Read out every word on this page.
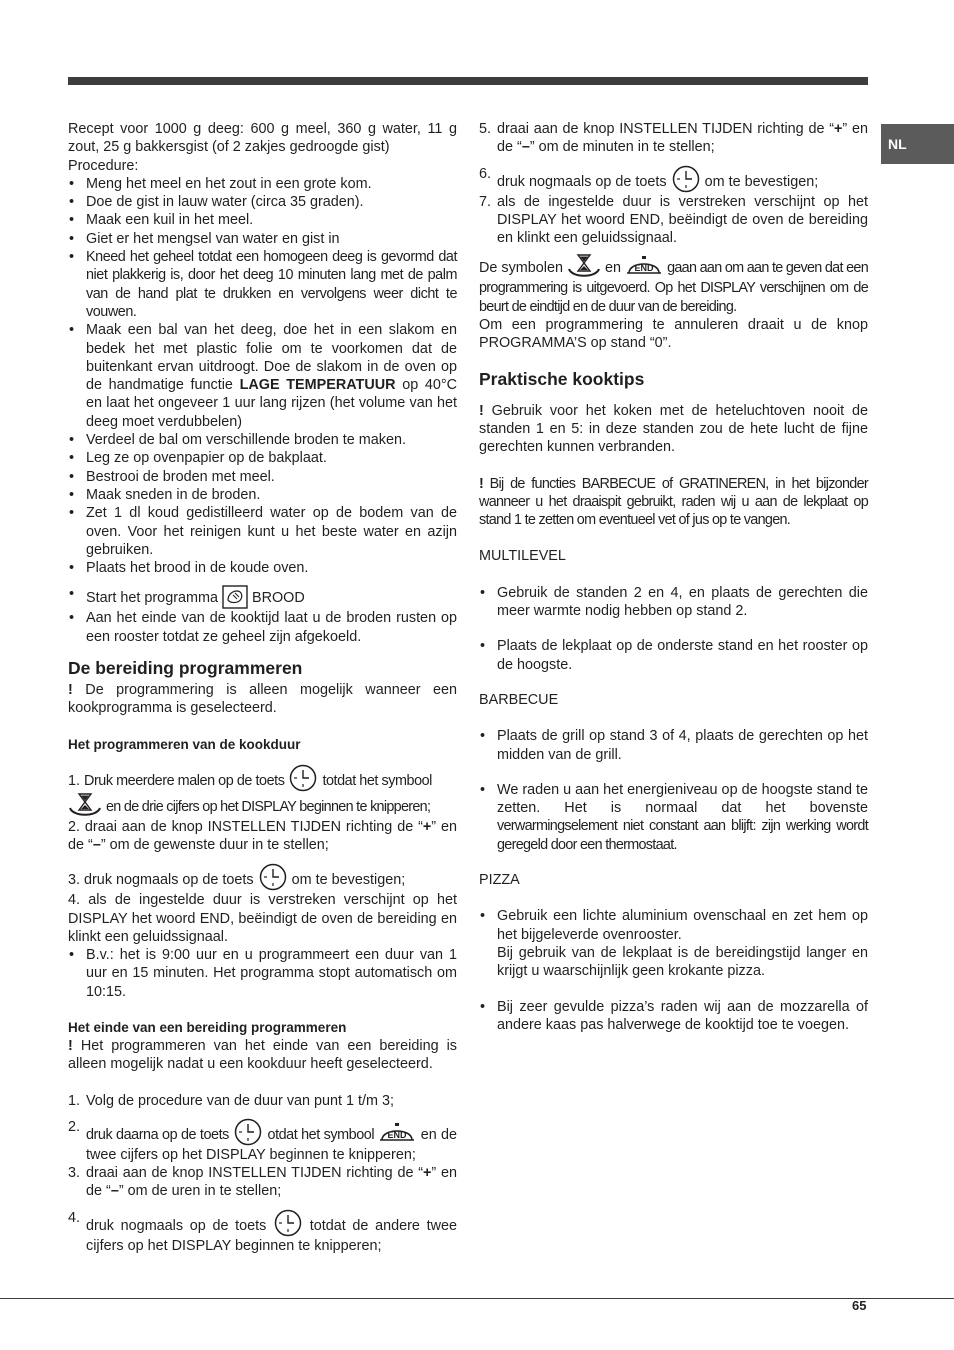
NL

Recept voor 1000 g deeg: 600 g meel, 360 g water, 11 g zout, 25 g bakkersgist (of 2 zakjes gedroogde gist)

Procedure:

• Meng het meel en het zout in een grote kom.
• Doe de gist in lauw water (circa 35 graden).
• Maak een kuil in het meel.
• Giet er het mengsel van water en gist in
• Kneed het geheel totdat een homogeen deeg is gevormd dat niet plakkerig is, door het deeg 10 minuten lang met de palm van de hand plat te drukken en vervolgens weer dicht te vouwen.
• Maak een bal van het deeg, doe het in een slakom en bedek het met plastic folie om te voorkomen dat de buitenkant ervan uitdroogt. Doe de slakom in de oven op de handmatige functie LAGE TEMPERATUUR op 40°C en laat het ongeveer 1 uur lang rijzen (het volume van het deeg moet verdubbelen)
• Verdeel de bal om verschillende broden te maken.
• Leg ze op ovenpapier op de bakplaat.
• Bestrooi de broden met meel.
• Maak sneden in de broden.
• Zet 1 dl koud gedistilleerd water op de bodem van de oven. Voor het reinigen kunt u het beste water en azijn gebruiken.
• Plaats het brood in de koude oven.
• Start het programma BROOD
• Aan het einde van de kooktijd laat u de broden rusten op een rooster totdat ze geheel zijn afgekoeld.
De bereiding programmeren

! De programmering is alleen mogelijk wanneer een kookprogramma is geselecteerd.

Het programmeren van de kookduur

1. Druk meerdere malen op de toets	totdat het symbool

en de drie cijfers op het DISPLAY beginnen te knipperen;

2. draai aan de knop INSTELLEN TIJDEN richting de “+” en de “–” om de gewenste duur in te stellen;

3. druk nogmaals op de toets	om te bevestigen;

4. als de ingestelde duur is verstreken verschijnt op het DISPLAY het woord END, beëindigt de oven de bereiding en klinkt een geluidssignaal.

• B.v.: het is 9:00 uur en u programmeert een duur van 1 uur en 15 minuten. Het programma stopt automatisch om 10:15.
Het einde van een bereiding programmeren

! Het programmeren van het einde van een bereiding is alleen mogelijk nadat u een kookduur heeft geselecteerd.

1. Volg de procedure van de duur van punt 1 t/m 3;
2. druk daarna op de toets	otdat het symbool END en de twee cijfers op het DISPLAY beginnen te knipperen;
3. draai aan de knop INSTELLEN TIJDEN richting de “+” en de “–” om de uren in te stellen;
4. druk nogmaals op de toets	totdat de andere twee cijfers op het DISPLAY beginnen te knipperen;
5. draai aan de knop INSTELLEN TIJDEN richting de “+” en de “–” om de minuten in te stellen;
6. druk nogmaals op de toets	om te bevestigen;
7. als de ingestelde duur is verstreken verschijnt op het DISPLAY het woord END, beëindigt de oven de bereiding en klinkt een geluidssignaal.

De symbolen	en END gaan aan om aan te geven dat een programmering is uitgevoerd. Op het DISPLAY verschijnen om de beurt de eindtijd en de duur van de bereiding.

Om een programmering te annuleren draait u de knop PROGRAMMA’S op stand “0”.

Praktische kooktips

! Gebruik voor het koken met de heteluchtoven nooit de standen 1 en 5: in deze standen zou de hete lucht de fijne gerechten kunnen verbranden.

! Bij de functies BARBECUE of GRATINEREN, in het bijzonder wanneer u het draaispit gebruikt, raden wij u aan de lekplaat op stand 1 te zetten om eventueel vet of jus op te vangen.

MULTILEVEL

• Gebruik de standen 2 en 4, en plaats de gerechten die meer warmte nodig hebben op stand 2.
• Plaats de lekplaat op de onderste stand en het rooster op de hoogste.

BARBECUE

• Plaats de grill op stand 3 of 4, plaats de gerechten op het midden van de grill.
• We raden u aan het energieniveau op de hoogste stand te zetten. Het is normaal dat het bovenste verwarmingselement niet constant aan blijft: zijn werking wordt geregeld door een thermostaat.

PIZZA

• Gebruik een lichte aluminium ovenschaal en zet hem op het bijgeleverde ovenrooster.
Bij gebruik van de lekplaat is de bereidingstijd langer en krijgt u waarschijnlijk geen krokante pizza.
• Bij zeer gevulde pizza’s raden wij aan de mozzarella of andere kaas pas halverwege de kooktijd toe te voegen.
65
